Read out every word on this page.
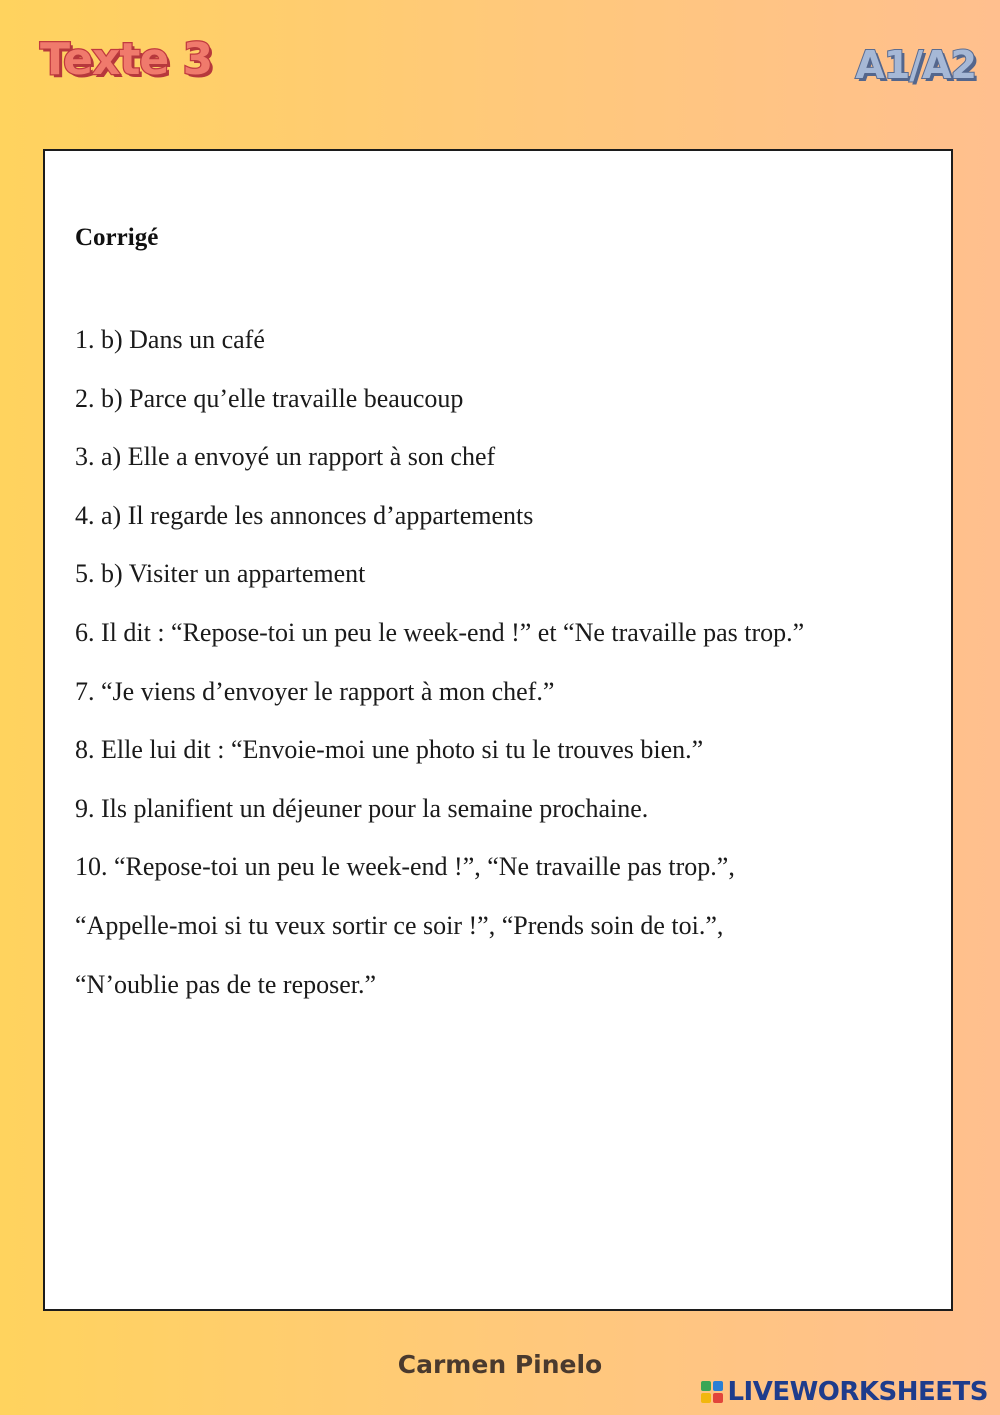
Texte 3	A1/A2
Corrigé
1. b) Dans un café
2. b) Parce qu’elle travaille beaucoup
3. a) Elle a envoyé un rapport à son chef
4. a) Il regarde les annonces d’appartements
5. b) Visiter un appartement
6. Il dit : “Repose-toi un peu le week-end !” et “Ne travaille pas trop.”
7. “Je viens d’envoyer le rapport à mon chef.”
8. Elle lui dit : “Envoie-moi une photo si tu le trouves bien.”
9. Ils planifient un déjeuner pour la semaine prochaine.
10. “Repose-toi un peu le week-end !”, “Ne travaille pas trop.”,
“Appelle-moi si tu veux sortir ce soir !”, “Prends soin de toi.”,
“N’oublie pas de te reposer.”
Carmen Pinelo
LIVEWORKSHEETS
